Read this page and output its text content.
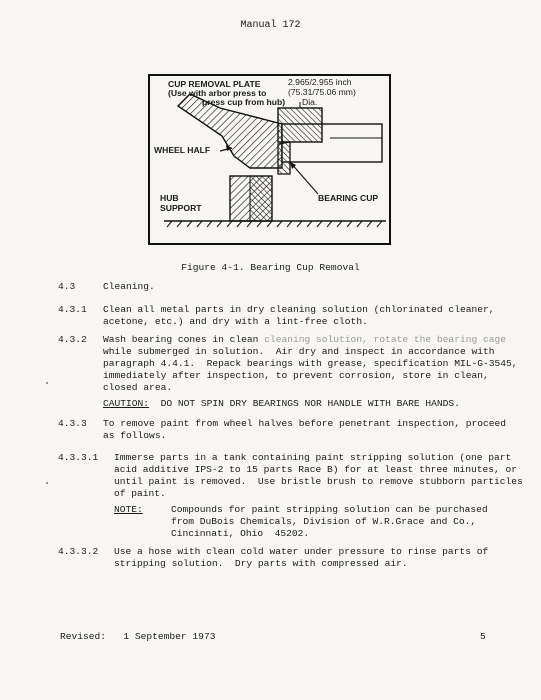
Manual 172
CUP REMOVAL PLATE
(Use with arbor press to
press cup from hub)
2.965/2.955 inch
(75.31/75.06 mm)
Dia.
WHEEL HALF
BEARING CUP
HUB
SUPPORT
Figure 4-1. Bearing Cup Removal
4.3	Cleaning.
4.3.1 Clean all metal parts in dry cleaning solution (chlorinated cleaner,
acetone, etc.) and dry with a lint-free cloth.
4.3.2 Wash bearing cones in clean cleaning solution, rotate the bearing cage
while submerged in solution.  Air dry and inspect in accordance with
paragraph 4.4.1.  Repack bearings with grease, specification MIL-G-3545,
immediately after inspection, to prevent corrosion, store in clean,
closed area.
CAUTION:  DO NOT SPIN DRY BEARINGS NOR HANDLE WITH BARE HANDS.
4.3.3 To remove paint from wheel halves before penetrant inspection, proceed
as follows.
4.3.3.1 Immerse parts in a tank containing paint stripping solution (one part
acid additive IPS-2 to 15 parts Race B) for at least three minutes, or
until paint is removed.  Use bristle brush to remove stubborn particles
of paint.
NOTE:	Compounds for paint stripping solution can be purchased
from DuBois Chemicals, Division of W.R.Grace and Co.,
Cincinnati, Ohio  45202.
4.3.3.2 Use a hose with clean cold water under pressure to rinse parts of
stripping solution.  Dry parts with compressed air.
Revised: 1 September 1973	5
